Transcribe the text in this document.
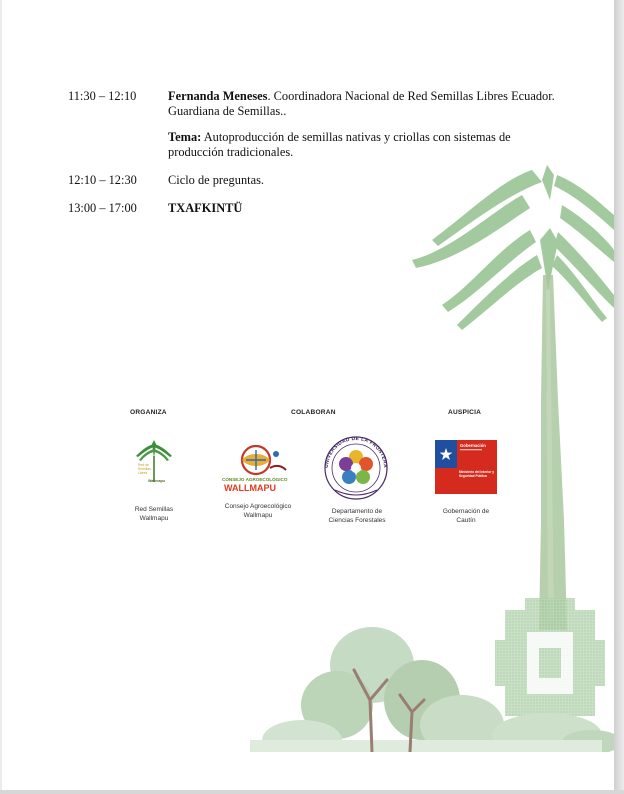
11:30 – 12:10	Fernanda Meneses. Coordinadora Nacional de Red Semillas Libres Ecuador.
Guardiana de Semillas..
Tema: Autoproducción de semillas nativas y criollas con sistemas de
producción tradicionales.
12:10 – 12:30	Ciclo de preguntas.
13:00 – 17:00	TXAFKINTÜ
ORGANIZA	COLABORAN	AUSPICIA
Red de
Semillas
Libres
Wallmapu
Red Semillas
Wallmapu
CONSEJO AGROECOLÓGICO
WALLMAPU
Consejo Agroecológico
Wallmapu
UNIVERSIDAD DE LA FRONTERA
Departamento de
Ciencias Forestales
Gobernación
Ministerio del Interior y Seguridad Pública
Gobernación de
Cautín
